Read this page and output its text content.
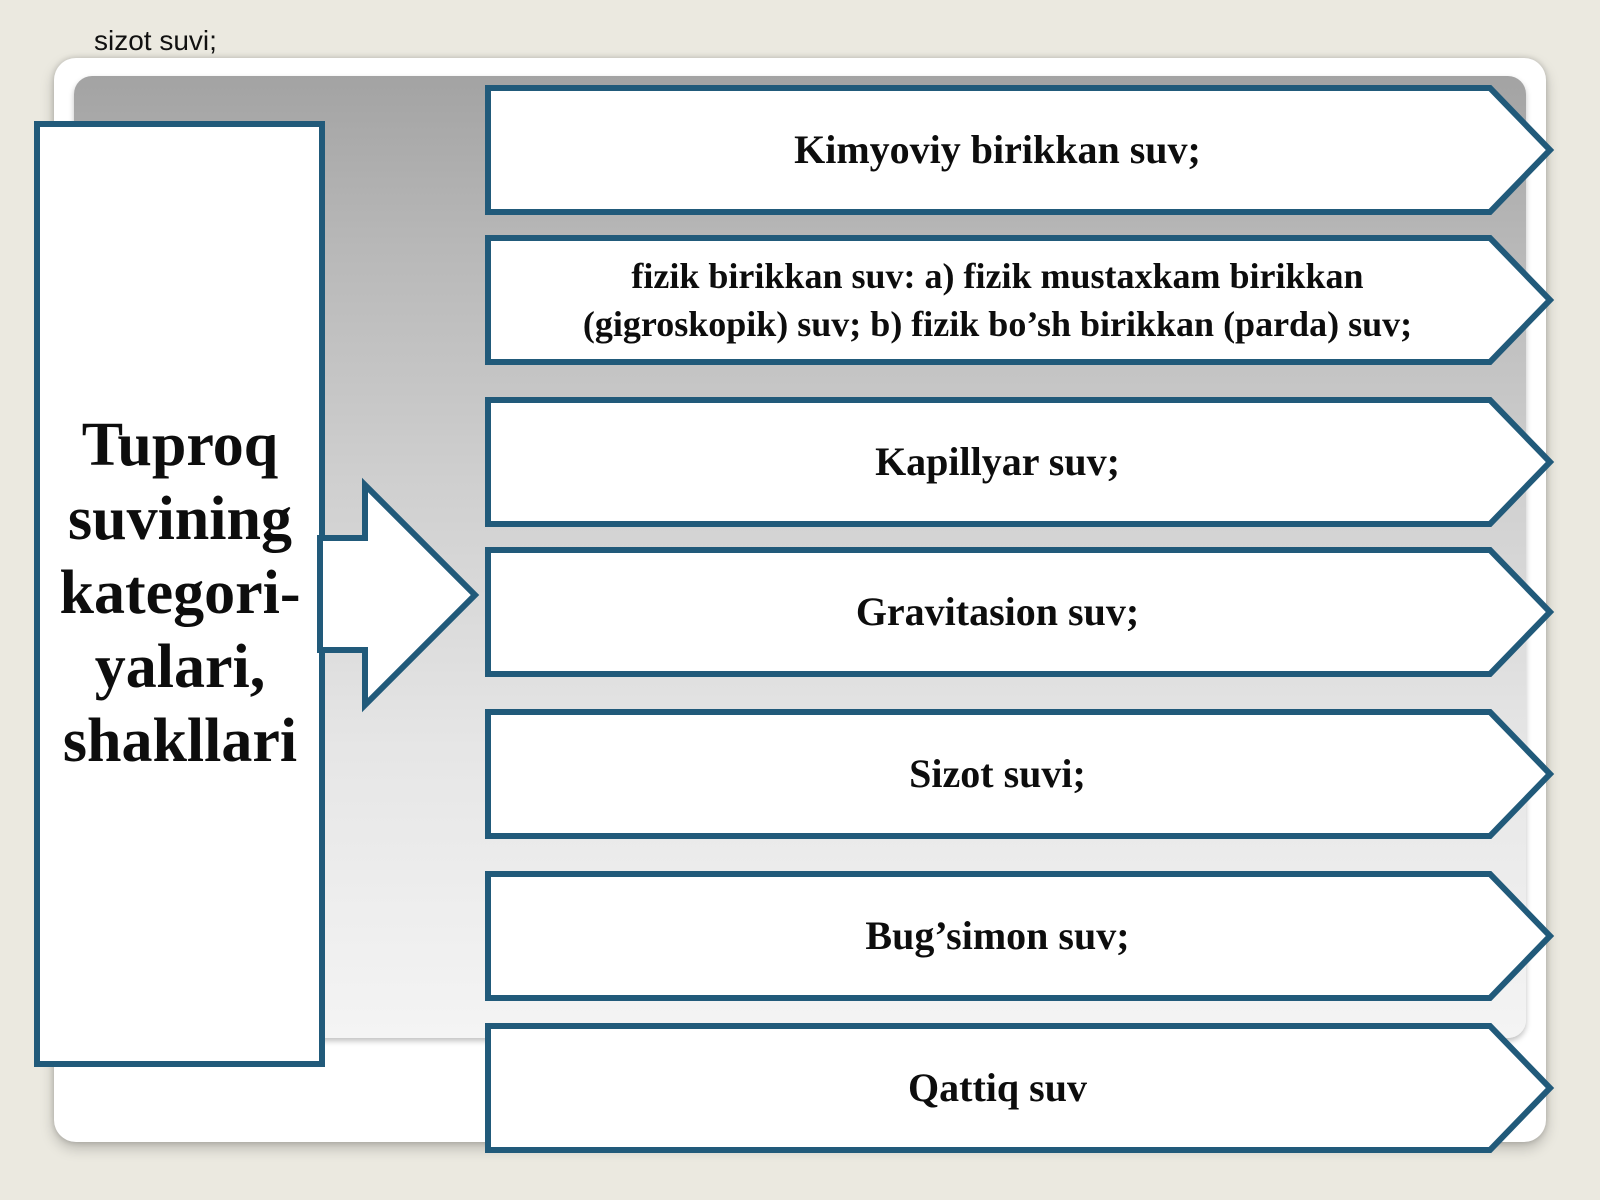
sizot suvi;
Tuproq
suvining
kategori-
yalari,
shakllari
Kimyoviy birikkan suv;
fizik birikkan suv: a) fizik mustaxkam birikkan
(gigroskopik) suv; b) fizik bo’sh birikkan (parda) suv;
Kapillyar suv;
Gravitasion suv;
Sizot suvi;
Bug’simon suv;
Qattiq suv
